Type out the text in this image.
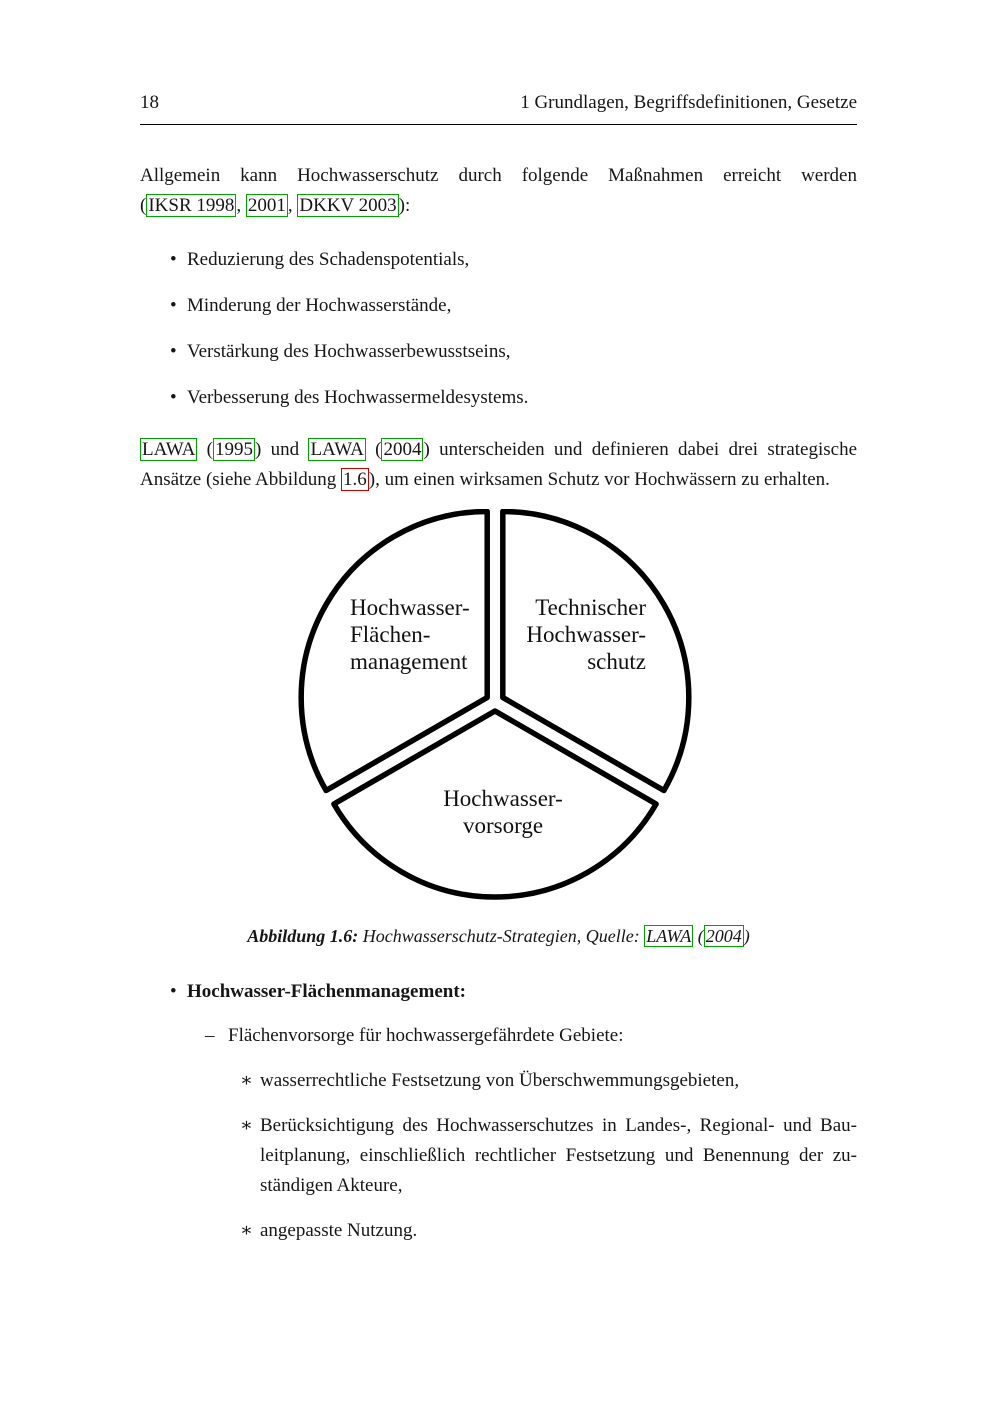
18	1 Grundlagen, Begriffsdefinitionen, Gesetze
Allgemein kann Hochwasserschutz durch folgende Maßnahmen erreicht werden
( IKSR 1998 , 2001 , DKKV 2003 ):
• Reduzierung des Schadenspotentials,
• Minderung der Hochwasserstände,
• Verstärkung des Hochwasserbewusstseins,
• Verbesserung des Hochwassermeldesystems.
LAWA ( 1995 ) und LAWA ( 2004 ) unterscheiden und definieren dabei drei strategische
Ansätze (siehe Abbildung 1.6 ), um einen wirksamen Schutz vor Hochwässern zu erhalten.
Hochwasser-
Flächen-
management
Technischer
Hochwasser-
schutz
Hochwasser-
vorsorge
Abbildung 1.6: Hochwasserschutz-Strategien, Quelle: LAWA ( 2004 )
• Hochwasser-Flächenmanagement:
– Flächenvorsorge für hochwassergefährdete Gebiete:
∗ wasserrechtliche Festsetzung von Überschwemmungsgebieten,
∗ Berücksichtigung des Hochwasserschutzes in Landes-, Regional- und Bau-
leitplanung, einschließlich rechtlicher Festsetzung und Benennung der zu-
ständigen Akteure,
∗ angepasste Nutzung.
